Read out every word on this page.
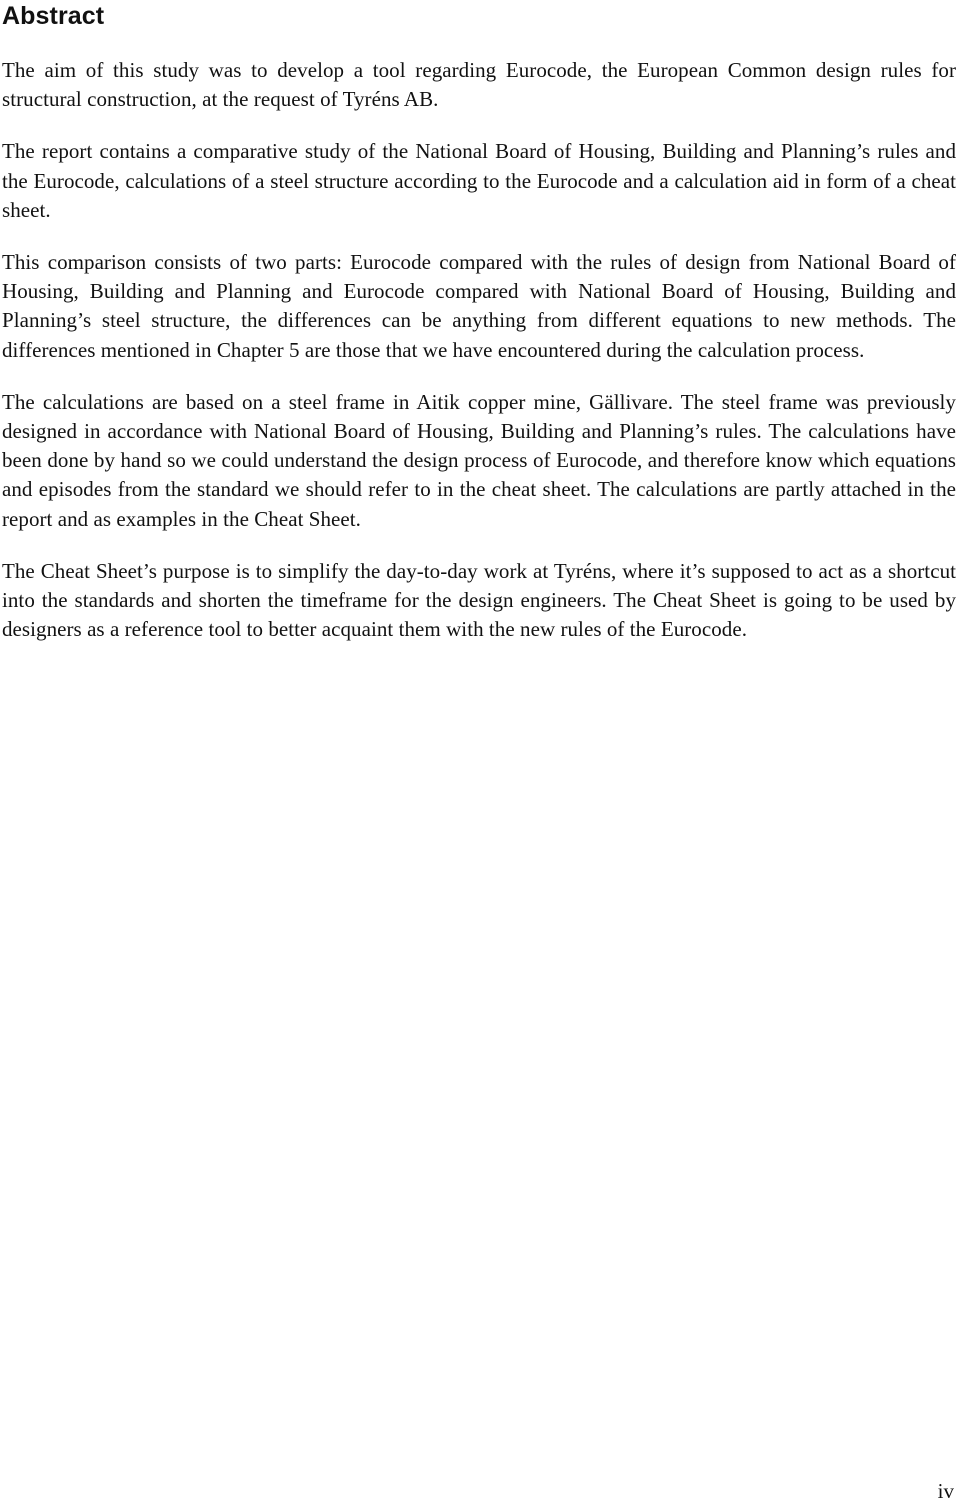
Abstract

The aim of this study was to develop a tool regarding Eurocode, the European Common design rules for structural construction, at the request of Tyréns AB.

The report contains a comparative study of the National Board of Housing, Building and Planning’s rules and the Eurocode, calculations of a steel structure according to the Eurocode and a calculation aid in form of a cheat sheet.

This comparison consists of two parts: Eurocode compared with the rules of design from National Board of Housing, Building and Planning and Eurocode compared with National Board of Housing, Building and Planning’s steel structure, the differences can be anything from different equations to new methods. The differences mentioned in Chapter 5 are those that we have encountered during the calculation process.

The calculations are based on a steel frame in Aitik copper mine, Gällivare. The steel frame was previously designed in accordance with National Board of Housing, Building and Planning’s rules. The calculations have been done by hand so we could understand the design process of Eurocode, and therefore know which equations and episodes from the standard we should refer to in the cheat sheet. The calculations are partly attached in the report and as examples in the Cheat Sheet.

The Cheat Sheet’s purpose is to simplify the day-to-day work at Tyréns, where it’s supposed to act as a shortcut into the standards and shorten the timeframe for the design engineers. The Cheat Sheet is going to be used by designers as a reference tool to better acquaint them with the new rules of the Eurocode.

iv
